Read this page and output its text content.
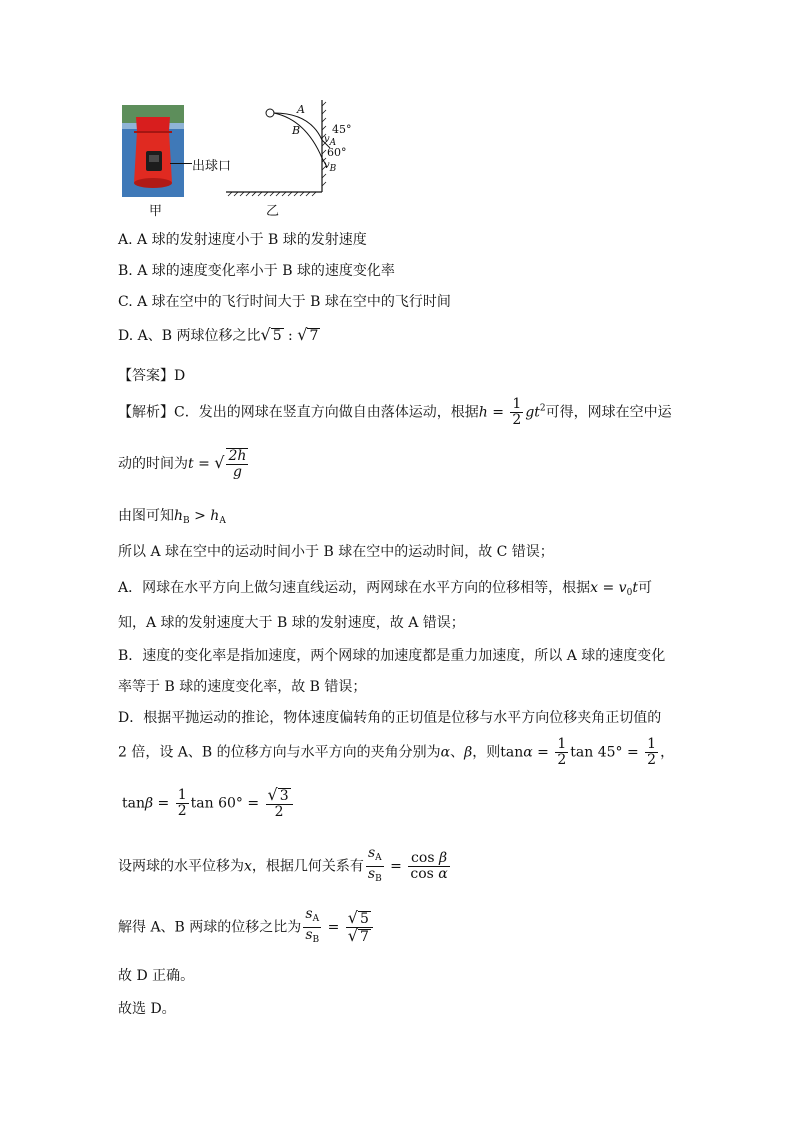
出球口
甲
A
B	45°
vA
60°
vB
乙
A. A 球的发射速度小于 B 球的发射速度
B. A 球的速度变化率小于 B 球的速度变化率
C. A 球在空中的飞行时间大于 B 球在空中的飞行时间
D. A、B 两球位移之比√ 5 : √ 7
【答案】D
【解析】C．发出的网球在竖直方向做自由落体运动，根据$h = \frac{1}{2} gt^2$可得，网球在空中运
动的时间为t = √ $\frac{2h}{g}$
由图可知$h_B > h_A$
所以 A 球在空中的运动时间小于 B 球在空中的运动时间，故 C 错误；
A．网球在水平方向上做匀速直线运动，两网球在水平方向的位移相等，根据$x = v_0t$可
知，A 球的发射速度大于 B 球的发射速度，故 A 错误；
B．速度的变化率是指加速度，两个网球的加速度都是重力加速度，所以 A 球的速度变化
率等于 B 球的速度变化率，故 B 错误；
D．根据平抛运动的推论，物体速度偏转角的正切值是位移与水平方向位移夹角正切值的
2 倍，设 A、B 的位移方向与水平方向的夹角分别为α、β，则$\tan\alpha = \frac{1}{2}$ $\tan 45^\circ = \frac{1}{2}$ ，
$\tan\beta = \frac{1}{2}$ $\tan 60^\circ = \frac{√ 3}{2}$
设两球的水平位移为x，根据几何关系有 $\frac{s_A}{s_B} = \frac{\text{cos β}}{\text{cos α}}$
解得 A、B 两球的位移之比为 $\frac{s_A}{s_B} = \frac{√ 5}{√ 7}$
故 D 正确。
故选 D。
